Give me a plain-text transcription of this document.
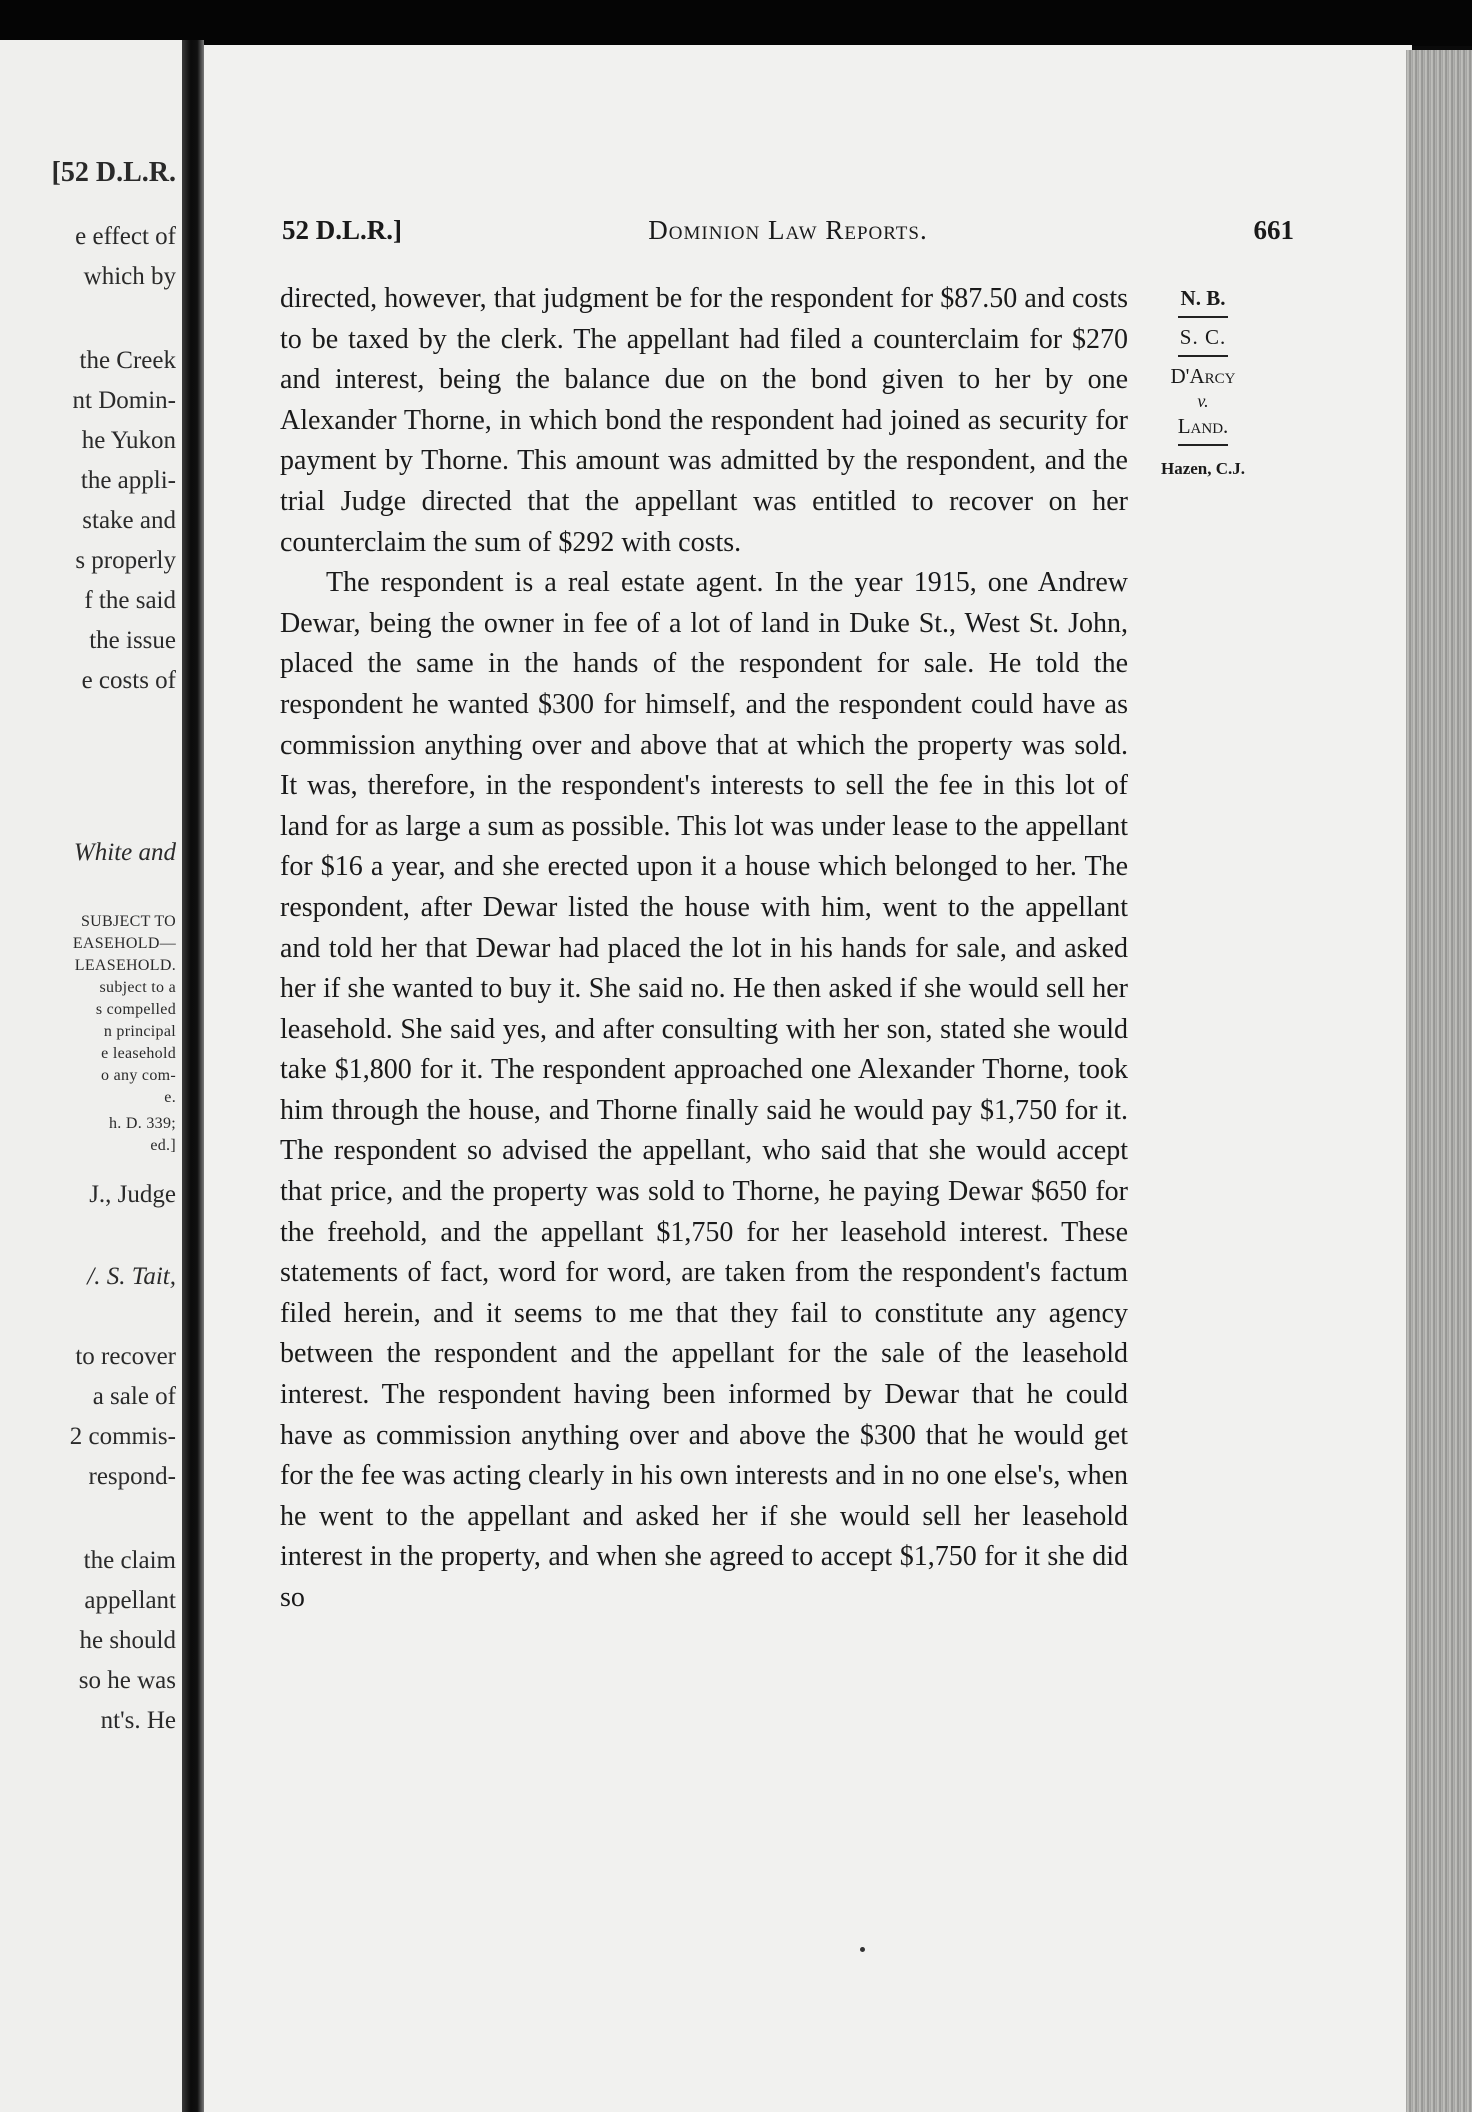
[52 D.L.R.
e effect of
which by
the Creek
nt Domin-
he Yukon
the appli-
stake and
s properly
f the said
the issue
e costs of
White and
SUBJECT TO
EASEHOLD—
LEASEHOLD.
subject to a
s compelled
n principal
e leasehold
o any com-
e.
h. D. 339;
ed.]
J., Judge
/. S. Tait,
to recover
a sale of
2 commis-
respond-
the claim
appellant
he should
so he was
nt's. He
52 D.L.R.]	Dominion Law Reports.	661

directed, however, that judgment be for the respondent for $87.50 and costs to be taxed by the clerk. The appellant had filed a counterclaim for $270 and interest, being the balance due on the bond given to her by one Alexander Thorne, in which bond the respondent had joined as security for payment by Thorne. This amount was admitted by the respondent, and the trial Judge directed that the appellant was entitled to recover on her counterclaim the sum of $292 with costs.

The respondent is a real estate agent. In the year 1915, one Andrew Dewar, being the owner in fee of a lot of land in Duke St., West St. John, placed the same in the hands of the respondent for sale. He told the respondent he wanted $300 for himself, and the respondent could have as commission anything over and above that at which the property was sold. It was, therefore, in the respondent's interests to sell the fee in this lot of land for as large a sum as possible. This lot was under lease to the appellant for $16 a year, and she erected upon it a house which belonged to her. The respondent, after Dewar listed the house with him, went to the appellant and told her that Dewar had placed the lot in his hands for sale, and asked her if she wanted to buy it. She said no. He then asked if she would sell her leasehold. She said yes, and after consulting with her son, stated she would take $1,800 for it. The respondent approached one Alexander Thorne, took him through the house, and Thorne finally said he would pay $1,750 for it. The respondent so advised the appellant, who said that she would accept that price, and the property was sold to Thorne, he paying Dewar $650 for the freehold, and the appellant $1,750 for her leasehold interest. These statements of fact, word for word, are taken from the respondent's factum filed herein, and it seems to me that they fail to constitute any agency between the respondent and the appellant for the sale of the leasehold interest. The respondent having been informed by Dewar that he could have as commission anything over and above the $300 that he would get for the fee was acting clearly in his own interests and in no one else's, when he went to the appellant and asked her if she would sell her leasehold interest in the property, and when she agreed to accept $1,750 for it she did so

N. B.
S. C.
D'Arcy
v.
Land.
Hazen, C.J.
